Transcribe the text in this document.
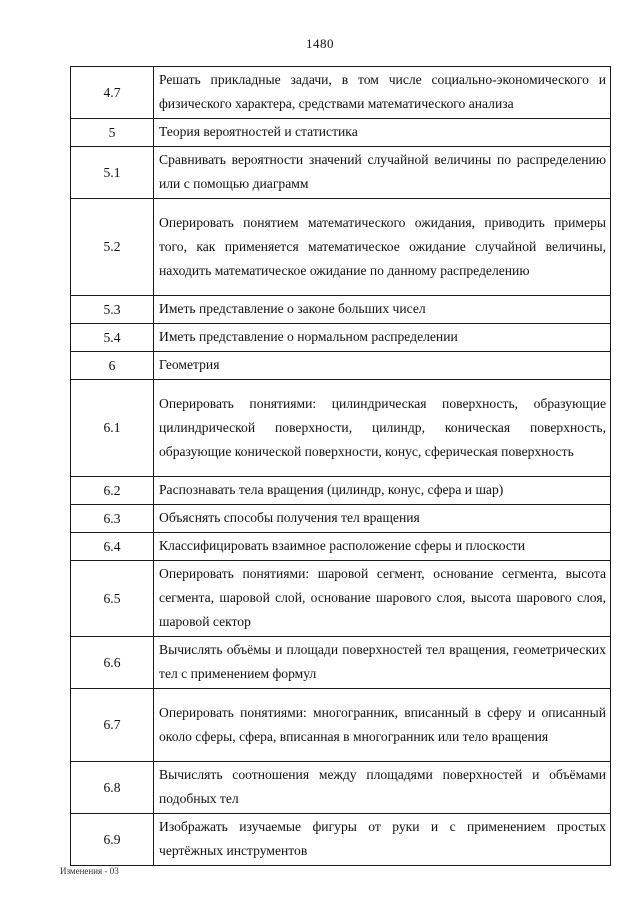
1480
4.7	Решать прикладные задачи, в том числе социально-экономического и физического характера, средствами математического анализа
5	Теория вероятностей и статистика
5.1	Сравнивать вероятности значений случайной величины по распределению или с помощью диаграмм
5.2	Оперировать понятием математического ожидания, приводить примеры того, как применяется математическое ожидание случайной величины, находить математическое ожидание по данному распределению
5.3	Иметь представление о законе больших чисел
5.4	Иметь представление о нормальном распределении
6	Геометрия
6.1	Оперировать понятиями: цилиндрическая поверхность, образующие цилиндрической поверхности, цилиндр, коническая поверхность, образующие конической поверхности, конус, сферическая поверхность
6.2	Распознавать тела вращения (цилиндр, конус, сфера и шар)
6.3	Объяснять способы получения тел вращения
6.4	Классифицировать взаимное расположение сферы и плоскости
6.5	Оперировать понятиями: шаровой сегмент, основание сегмента, высота сегмента, шаровой слой, основание шарового слоя, высота шарового слоя, шаровой сектор
6.6	Вычислять объёмы и площади поверхностей тел вращения, геометрических тел с применением формул
6.7	Оперировать понятиями: многогранник, вписанный в сферу и описанный около сферы, сфера, вписанная в многогранник или тело вращения
6.8	Вычислять соотношения между площадями поверхностей и объёмами подобных тел
6.9	Изображать изучаемые фигуры от руки и с применением простых чертёжных инструментов
Изменения - 03
